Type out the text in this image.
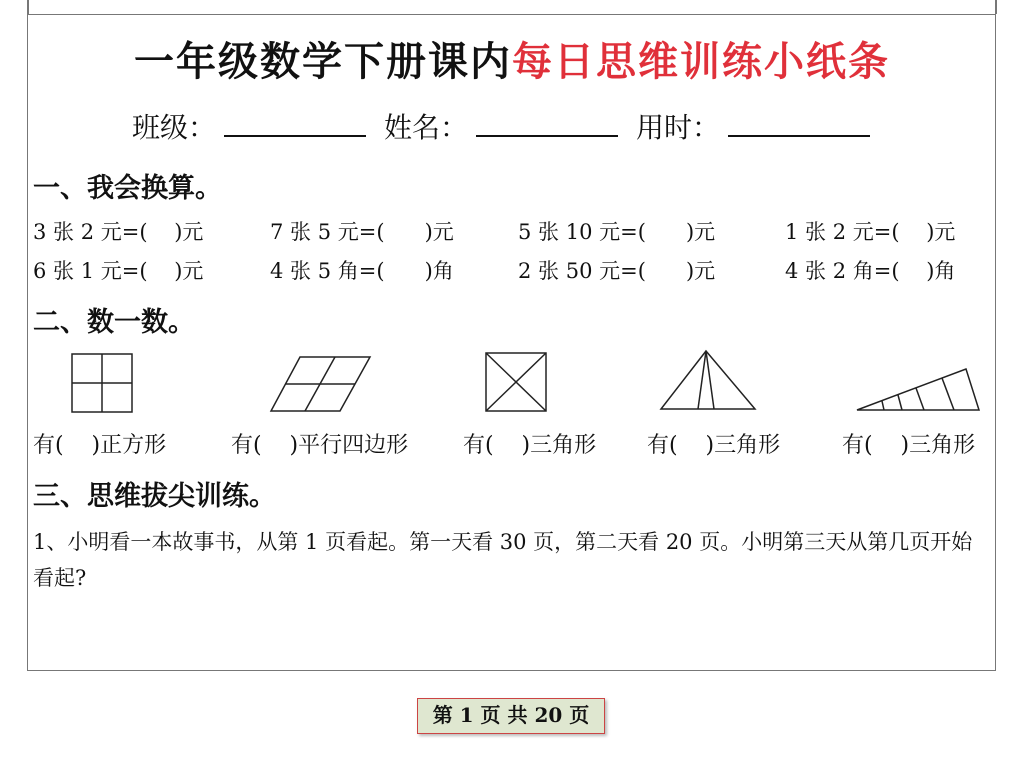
一年级数学下册课内每日思维训练小纸条
班级：	姓名：	用时：
一、我会换算。
3 张 2 元=(    )元	7 张 5 元=(      )元	5 张 10 元=(      )元	1 张 2 元=(    )元
6 张 1 元=(    )元	4 张 5 角=(      )角	2 张 50 元=(      )元	4 张 2 角=(    )角
二、数一数。
有(    )正方形	有(    )平行四边形 有(    )三角形 有(    )三角形	有(    )三角形
三、思维拔尖训练。
1、小明看一本故事书，从第 1 页看起。第一天看 30 页，第二天看 20 页。小明第三天从第几页开始看起?
第 1 页 共 20 页
